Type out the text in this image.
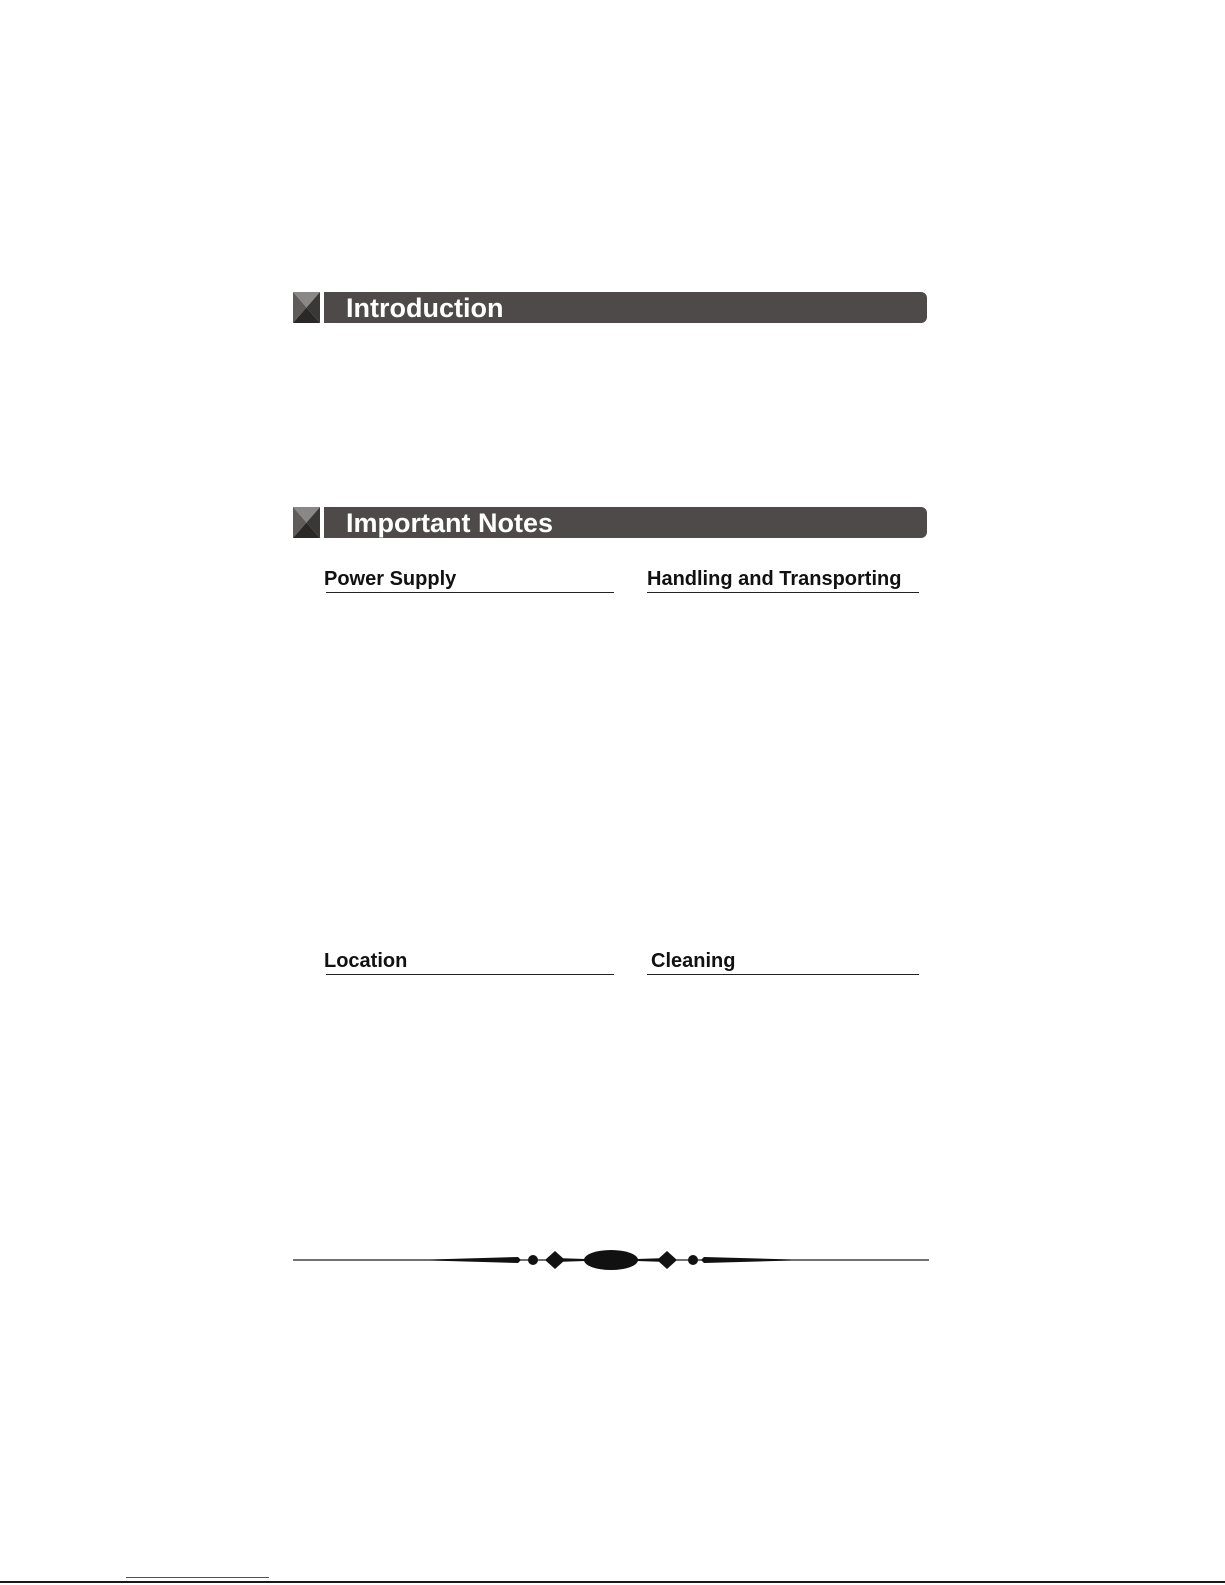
Introduction
Important Notes
Power Supply	Handling and Transporting
Location	Cleaning
